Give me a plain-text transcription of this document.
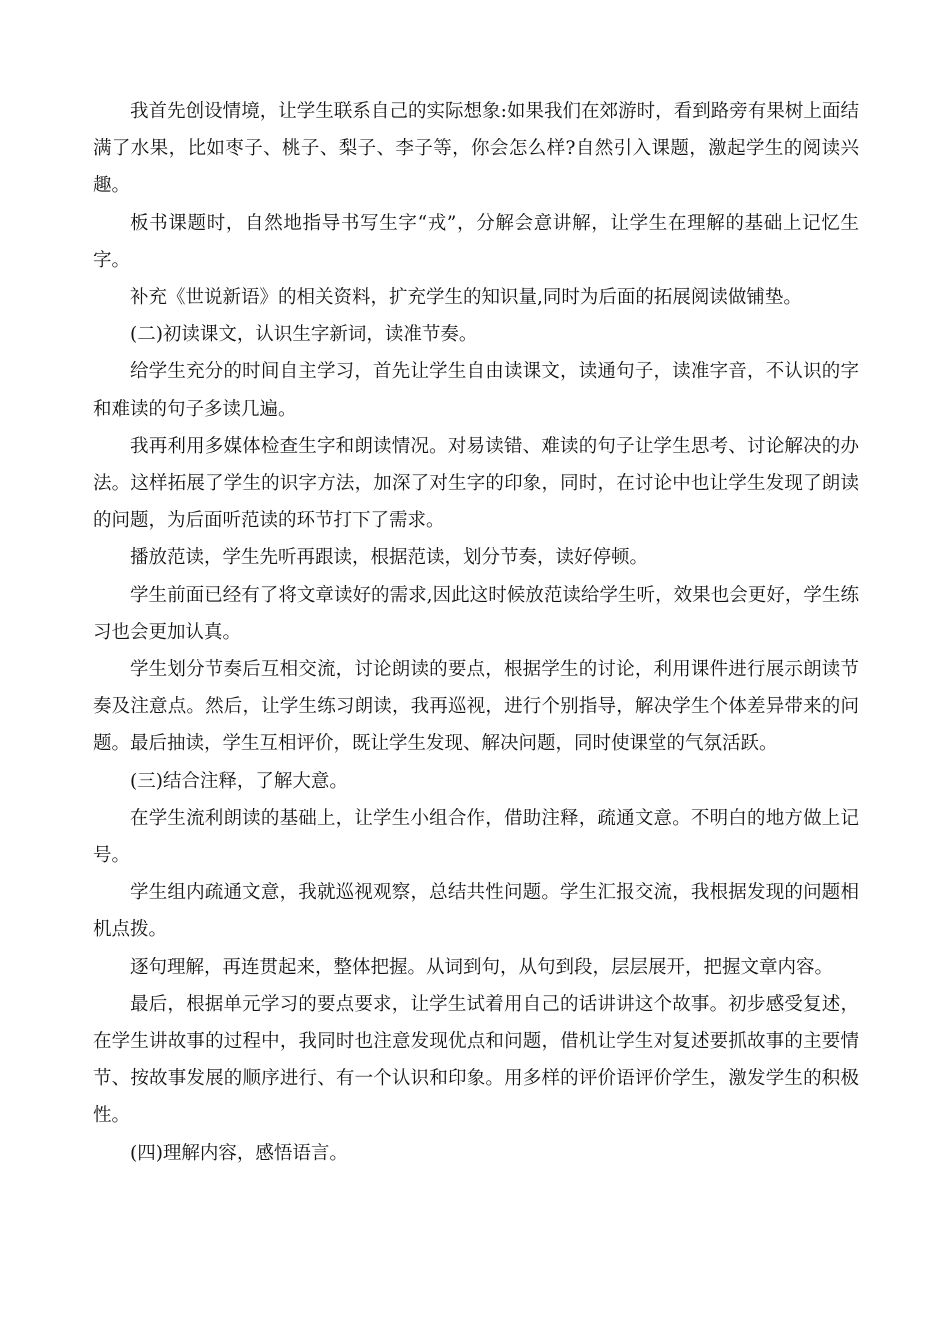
我首先创设情境，让学生联系自己的实际想象:如果我们在郊游时，看到路旁有果树上面结满了水果，比如枣子、桃子、梨子、李子等，你会怎么样?自然引入课题，激起学生的阅读兴趣。

板书课题时，自然地指导书写生字“戎”，分解会意讲解，让学生在理解的基础上记忆生字。

补充《世说新语》的相关资料，扩充学生的知识量,同时为后面的拓展阅读做铺垫。

(二)初读课文，认识生字新词，读准节奏。

给学生充分的时间自主学习，首先让学生自由读课文，读通句子，读准字音，不认识的字和难读的句子多读几遍。

我再利用多媒体检查生字和朗读情况。对易读错、难读的句子让学生思考、讨论解决的办法。这样拓展了学生的识字方法，加深了对生字的印象，同时，在讨论中也让学生发现了朗读的问题，为后面听范读的环节打下了需求。

播放范读，学生先听再跟读，根据范读，划分节奏，读好停顿。

学生前面已经有了将文章读好的需求,因此这时候放范读给学生听，效果也会更好，学生练习也会更加认真。

学生划分节奏后互相交流，讨论朗读的要点，根据学生的讨论，利用课件进行展示朗读节奏及注意点。然后，让学生练习朗读，我再巡视，进行个别指导，解决学生个体差异带来的问题。最后抽读，学生互相评价，既让学生发现、解决问题，同时使课堂的气氛活跃。

(三)结合注释，了解大意。

在学生流利朗读的基础上，让学生小组合作，借助注释，疏通文意。不明白的地方做上记号。

学生组内疏通文意，我就巡视观察，总结共性问题。学生汇报交流，我根据发现的问题相机点拨。

逐句理解，再连贯起来，整体把握。从词到句，从句到段，层层展开，把握文章内容。

最后，根据单元学习的要点要求，让学生试着用自己的话讲讲这个故事。初步感受复述，在学生讲故事的过程中，我同时也注意发现优点和问题，借机让学生对复述要抓故事的主要情节、按故事发展的顺序进行、有一个认识和印象。用多样的评价语评价学生，激发学生的积极性。

(四)理解内容，感悟语言。
